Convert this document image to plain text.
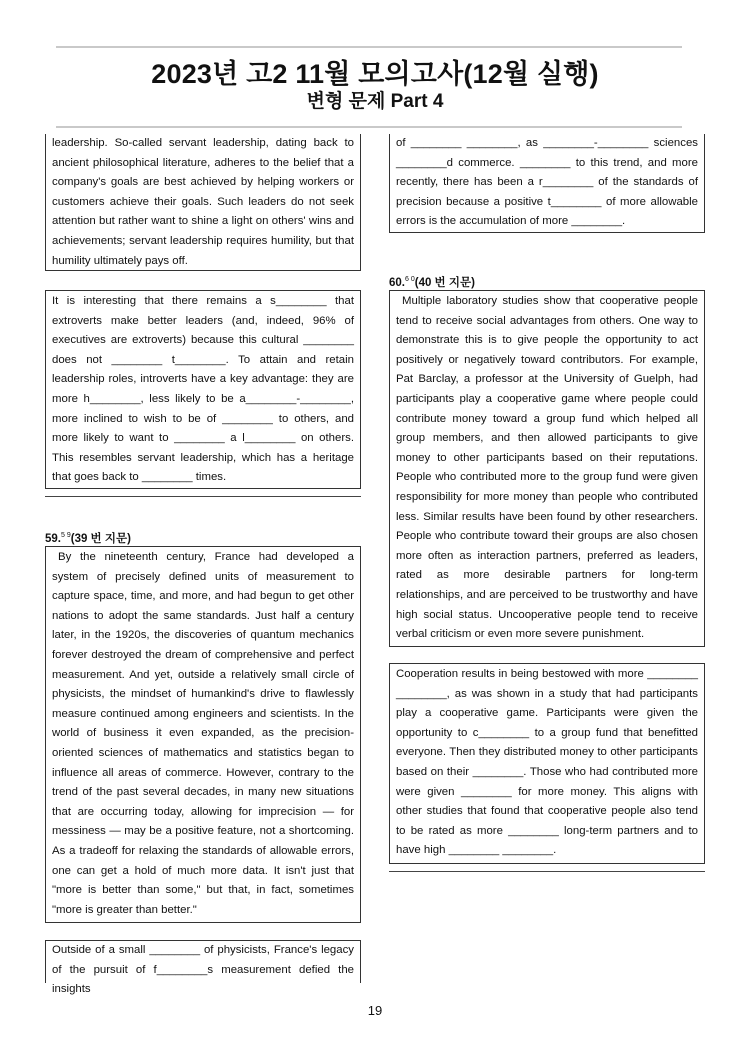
2023년 고2 11월 모의고사(12월 실행)
변형 문제 Part 4

leadership. So-called servant leadership, dating back to ancient philosophical literature, adheres to the belief that a company's goals are best achieved by helping workers or customers achieve their goals. Such leaders do not seek attention but rather want to shine a light on others' wins and achievements; servant leadership requires humility, but that humility ultimately pays off.

It is interesting that there remains a s________ that extroverts make better leaders (and, indeed, 96% of executives are extroverts) because this cultural ________ does not ________ t________. To attain and retain leadership roles, introverts have a key advantage: they are more h________, less likely to be a________-________, more inclined to wish to be of ________ to others, and more likely to want to ________ a l________ on others. This resembles servant leadership, which has a heritage that goes back to ________ times.

59.$^{5 9}$(39 번 지문)

By the nineteenth century, France had developed a system of precisely defined units of measurement to capture space, time, and more, and had begun to get other nations to adopt the same standards. Just half a century later, in the 1920s, the discoveries of quantum mechanics forever destroyed the dream of comprehensive and perfect measurement. And yet, outside a relatively small circle of physicists, the mindset of humankind's drive to flawlessly measure continued among engineers and scientists. In the world of business it even expanded, as the precision-oriented sciences of mathematics and statistics began to influence all areas of commerce. However, contrary to the trend of the past several decades, in many new situations that are occurring today, allowing for imprecision — for messiness — may be a positive feature, not a shortcoming. As a tradeoff for relaxing the standards of allowable errors, one can get a hold of much more data. It isn't just that "more is better than some," but that, in fact, sometimes "more is greater than better."

Outside of a small ________ of physicists, France's legacy of the pursuit of f________s measurement defied the insights

of ________ ________, as ________-________ sciences ________d commerce. ________ to this trend, and more recently, there has been a r________ of the standards of precision because a positive t________ of more allowable errors is the accumulation of more ________.

60.$^{6 0}$(40 번 지문)

Multiple laboratory studies show that cooperative people tend to receive social advantages from others. One way to demonstrate this is to give people the opportunity to act positively or negatively toward contributors. For example, Pat Barclay, a professor at the University of Guelph, had participants play a cooperative game where people could contribute money toward a group fund which helped all group members, and then allowed participants to give money to other participants based on their reputations. People who contributed more to the group fund were given responsibility for more money than people who contributed less. Similar results have been found by other researchers. People who contribute toward their groups are also chosen more often as interaction partners, preferred as leaders, rated as more desirable partners for long-term relationships, and are perceived to be trustworthy and have high social status. Uncooperative people tend to receive verbal criticism or even more severe punishment.

Cooperation results in being bestowed with more ________ ________, as was shown in a study that had participants play a cooperative game. Participants were given the opportunity to c________ to a group fund that benefitted everyone. Then they distributed money to other participants based on their ________. Those who had contributed more were given ________ for more money. This aligns with other studies that found that cooperative people also tend to be rated as more ________ long-term partners and to have high ________ ________.

19
